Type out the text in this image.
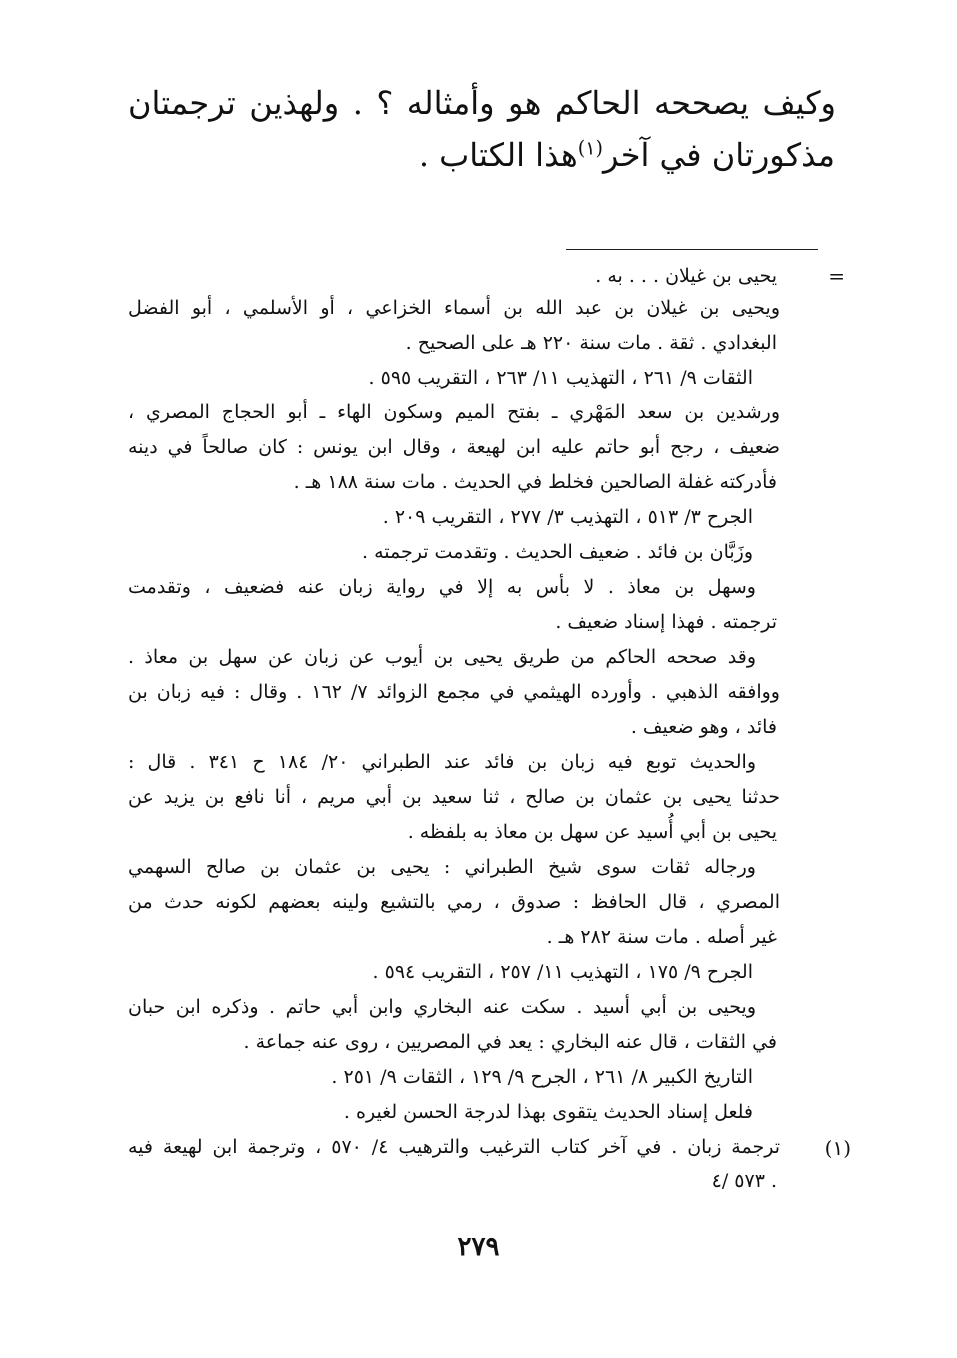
وكيف يصححه الحاكم هو وأمثاله ؟ . ولهذين ترجمتان
مذكورتان في آخر$^{(١)}$هذا الكتاب .
=
يحيى بن غيلان . . . به .
ويحيى بن غيلان بن عبد الله بن أسماء الخزاعي ، أو الأسلمي ، أبو الفضل
البغدادي . ثقة . مات سنة ٢٢٠ هـ على الصحيح .
الثقات ٩/ ٢٦١ ، التهذيب ١١/ ٢٦٣ ، التقريب ٥٩٥ .
ورشدين بن سعد المَهْري ـ بفتح الميم وسكون الهاء ـ أبو الحجاج المصري ،
ضعيف ، رجح أبو حاتم عليه ابن لهيعة ، وقال ابن يونس : كان صالحاً في دينه
فأدركته غفلة الصالحين فخلط في الحديث . مات سنة ١٨٨ هـ .
الجرح ٣/ ٥١٣ ، التهذيب ٣/ ٢٧٧ ، التقريب ٢٠٩ .
وزَبَّان بن فائد . ضعيف الحديث . وتقدمت ترجمته .
وسهل بن معاذ . لا بأس به إلا في رواية زبان عنه فضعيف ، وتقدمت
ترجمته . فهذا إسناد ضعيف .
وقد صححه الحاكم من طريق يحيى بن أيوب عن زبان عن سهل بن معاذ .
ووافقه الذهبي . وأورده الهيثمي في مجمع الزوائد ٧/ ١٦٢ . وقال : فيه زبان بن
فائد ، وهو ضعيف .
والحديث توبع فيه زبان بن فائد عند الطبراني ٢٠/ ١٨٤ ح ٣٤١ . قال :
حدثنا يحيى بن عثمان بن صالح ، ثنا سعيد بن أبي مريم ، أنا نافع بن يزيد عن
يحيى بن أبي أُسيد عن سهل بن معاذ به بلفظه .
ورجاله ثقات سوى شيخ الطبراني : يحيى بن عثمان بن صالح السهمي
المصري ، قال الحافظ : صدوق ، رمي بالتشيع ولينه بعضهم لكونه حدث من
غير أصله . مات سنة ٢٨٢ هـ .
الجرح ٩/ ١٧٥ ، التهذيب ١١/ ٢٥٧ ، التقريب ٥٩٤ .
ويحيى بن أبي أسيد . سكت عنه البخاري وابن أبي حاتم . وذكره ابن حبان
في الثقات ، قال عنه البخاري : يعد في المصريين ، روى عنه جماعة .
التاريخ الكبير ٨/ ٢٦١ ، الجرح ٩/ ١٢٩ ، الثقات ٩/ ٢٥١ .
فلعل إسناد الحديث يتقوى بهذا لدرجة الحسن لغيره .
(١)
ترجمة زبان . في آخر كتاب الترغيب والترهيب ٤/ ٥٧٠ ، وترجمة ابن لهيعة فيه
. ٥٧٣ /٤
٢٧٩
